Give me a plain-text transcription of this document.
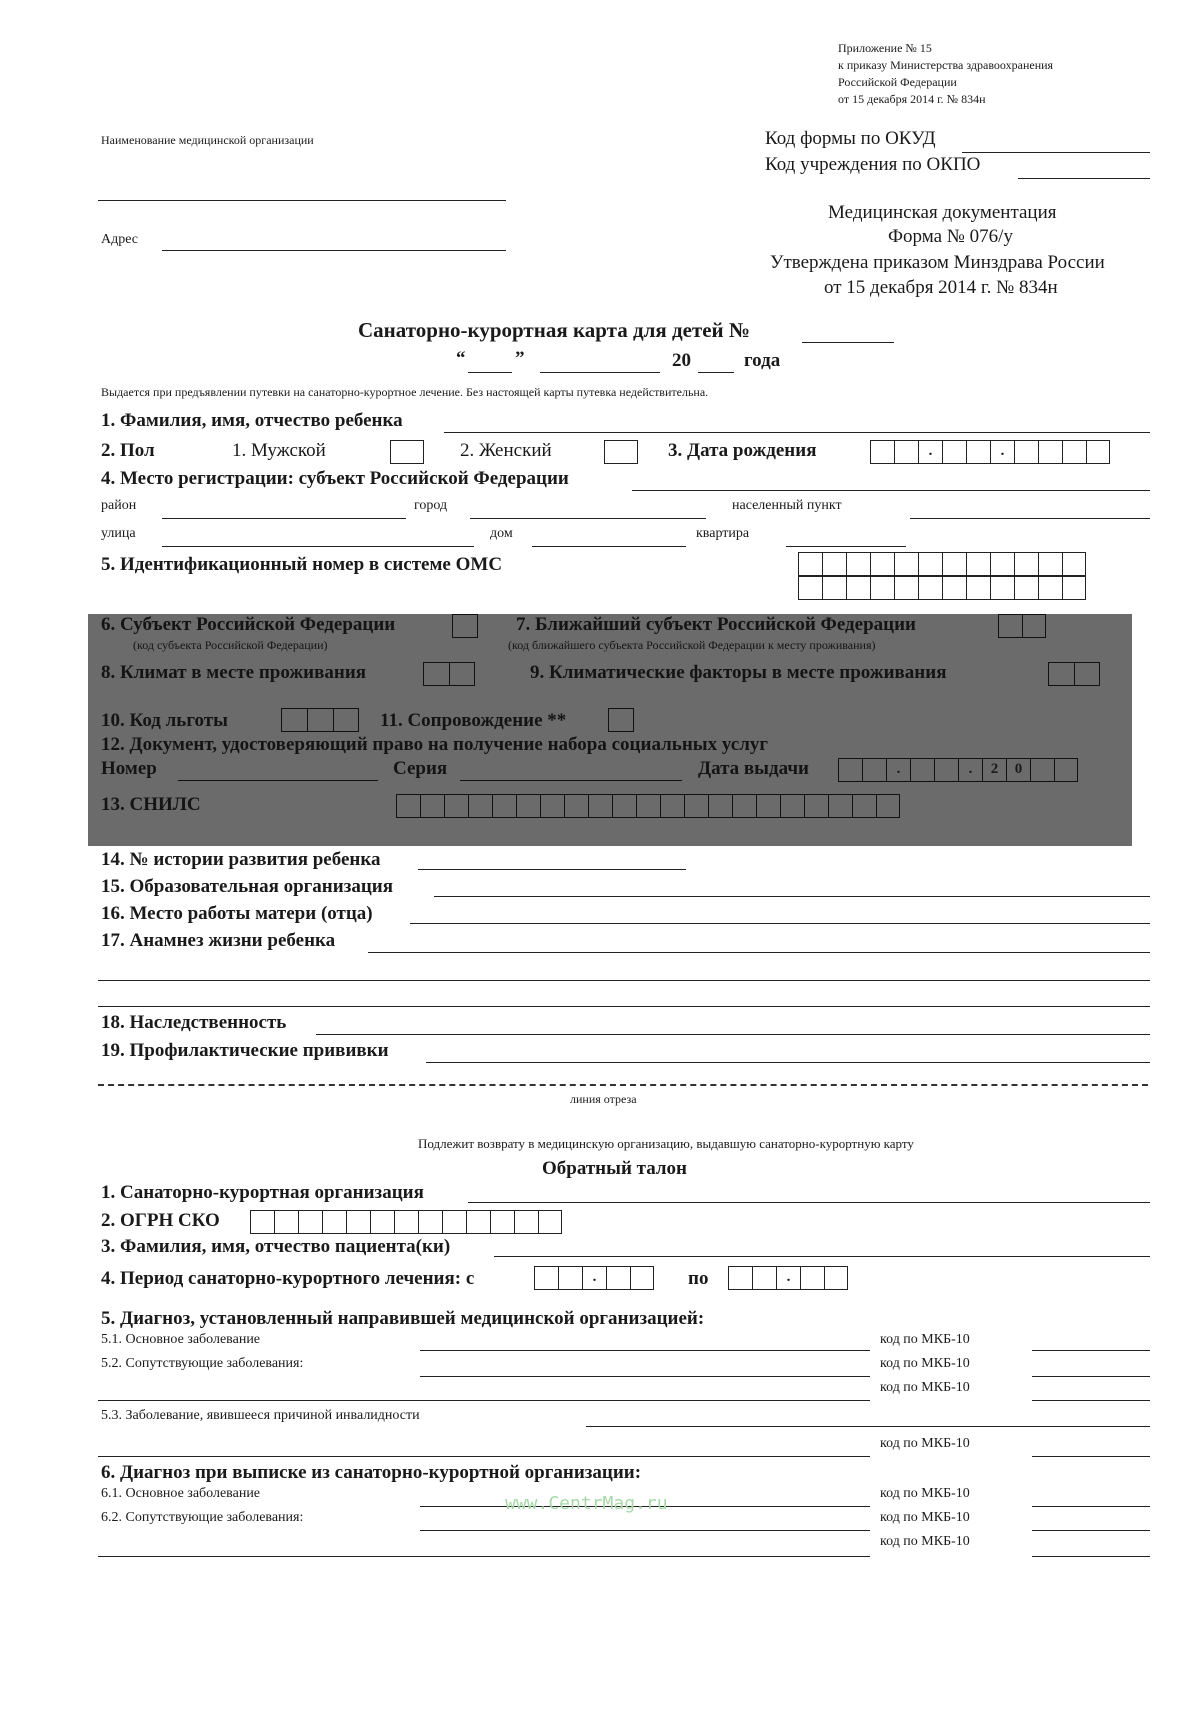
Приложение № 15
к приказу Министерства здравоохранения
Российской Федерации
от 15 декабря 2014 г. № 834н
Наименование медицинской организации	Код формы по ОКУД
Код учреждения по ОКПО
Адрес
Медицинская документация
Форма № 076/у
Утверждена приказом Минздрава России
от 15 декабря 2014 г. № 834н
Санаторно-курортная карта для детей №
“	”	20	года
Выдается при предъявлении путевки на санаторно-курортное лечение. Без настоящей карты путевка недействительна.
1. Фамилия, имя, отчество ребенка
2. Пол	1. Мужской	2. Женский	3. Дата рождения	.	.
4. Место регистрации: субъект Российской Федерации
район	город	населенный пункт
улица	дом	квартира
5. Идентификационный номер в системе ОМС
6. Субъект Российской Федерации
(код субъекта Российской Федерации)
7. Ближайший субъект Российской Федерации
(код ближайшего субъекта Российской Федерации к месту проживания)
8. Климат в месте проживания	9. Климатические факторы в месте проживания
10. Код льготы	11. Сопровождение **
12. Документ, удостоверяющий право на получение набора социальных услуг
Номер	Серия	Дата выдачи	.	.	2	0
13. СНИЛС
14. № истории развития ребенка
15. Образовательная организация
16. Место работы матери (отца)
17. Анамнез жизни ребенка
18. Наследственность
19. Профилактические прививки
линия отреза
Подлежит возврату в медицинскую организацию, выдавшую санаторно-курортную карту
Обратный талон
1. Санаторно-курортная организация
2. ОГРН СКО
3. Фамилия, имя, отчество пациента(ки)
4. Период санаторно-курортного лечения: с	.	по	.
5. Диагноз, установленный направившей медицинской организацией:
5.1. Основное заболевание	код по МКБ-10
5.2. Сопутствующие заболевания:	код по МКБ-10
код по МКБ-10
5.3. Заболевание, явившееся причиной инвалидности
код по МКБ-10
6. Диагноз при выписке из санаторно-курортной организации:
6.1. Основное заболевание	код по МКБ-10
6.2. Сопутствующие заболевания:	код по МКБ-10
код по МКБ-10
www.CentrMag.ru
